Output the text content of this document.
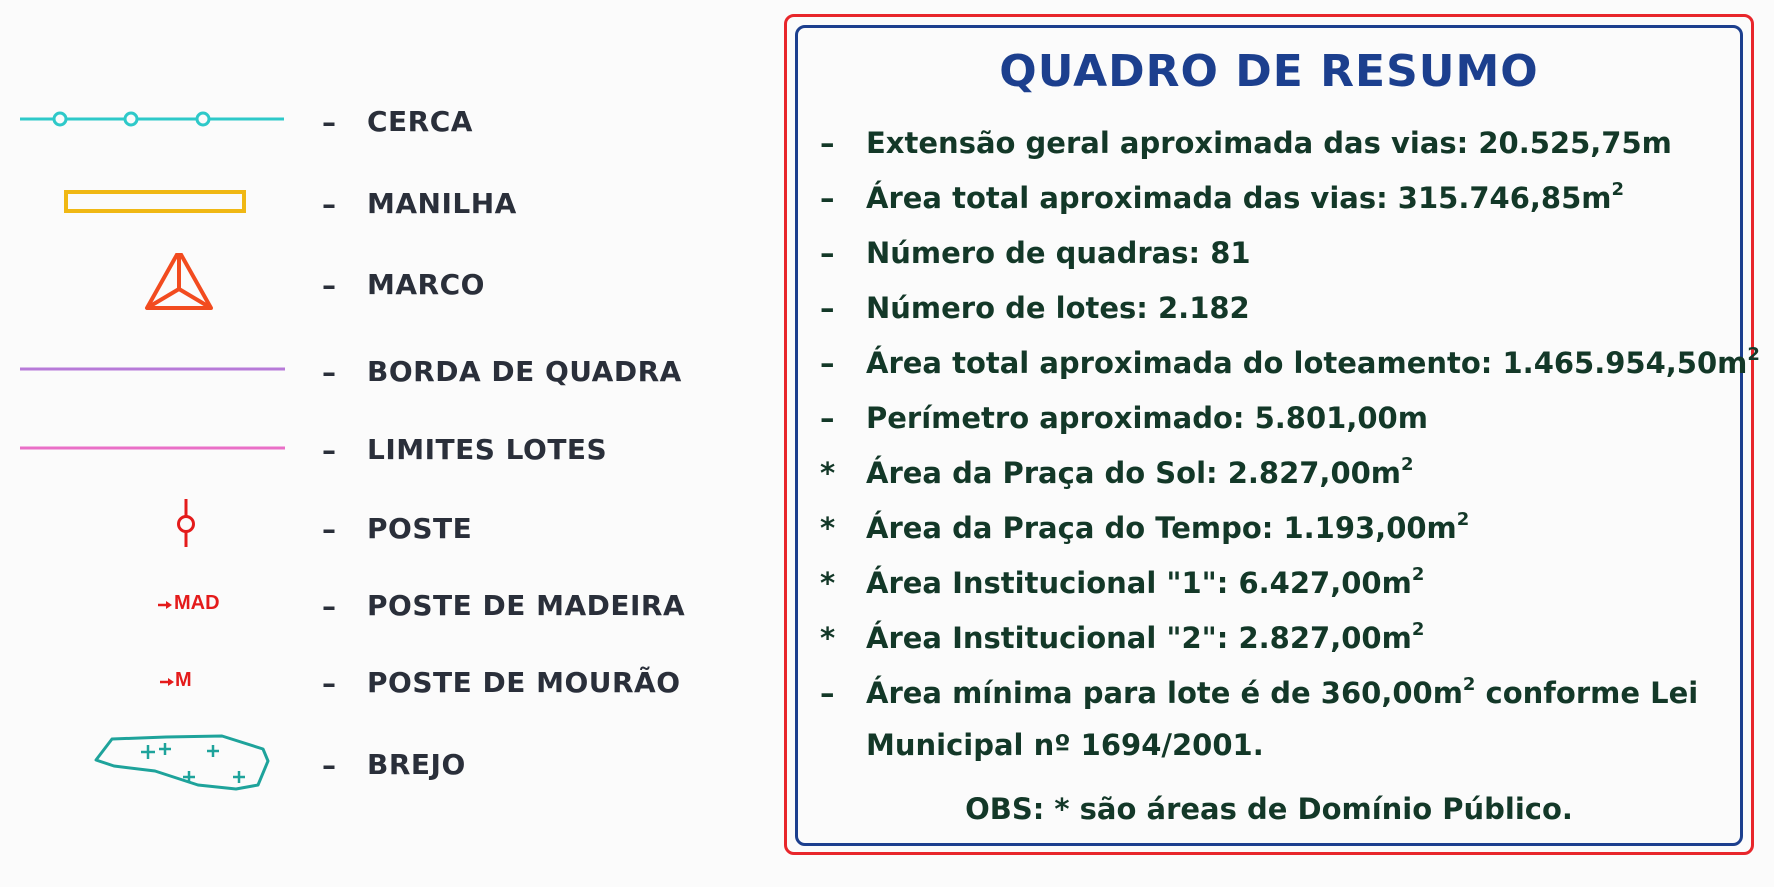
– CERCA
– MANILHA
– MARCO
– BORDA DE QUADRA
– LIMITES LOTES
– POSTE
MAD	– POSTE DE MADEIRA
M	– POSTE DE MOURÃO
– BREJO
QUADRO DE RESUMO
–	Extensão geral aproximada das vias: 20.525,75m
–	Área total aproximada das vias: $315.746,85m^2$
–	Número de quadras: 81
–	Número de lotes: 2.182
–	Área total aproximada do loteamento: $1.465.954,50m^2$
–	Perímetro aproximado: 5.801,00m
*	Área da Praça do Sol: $2.827,00m^2$
*	Área da Praça do Tempo: $1.193,00m^2$
*	Área Institucional "1": $6.427,00m^2$
*	Área Institucional "2": $2.827,00m^2$
–	Área mínima para lote é de $360,00m^2$ conforme Lei Municipal nº 1694/2001.
OBS: * são áreas de Domínio Público.
